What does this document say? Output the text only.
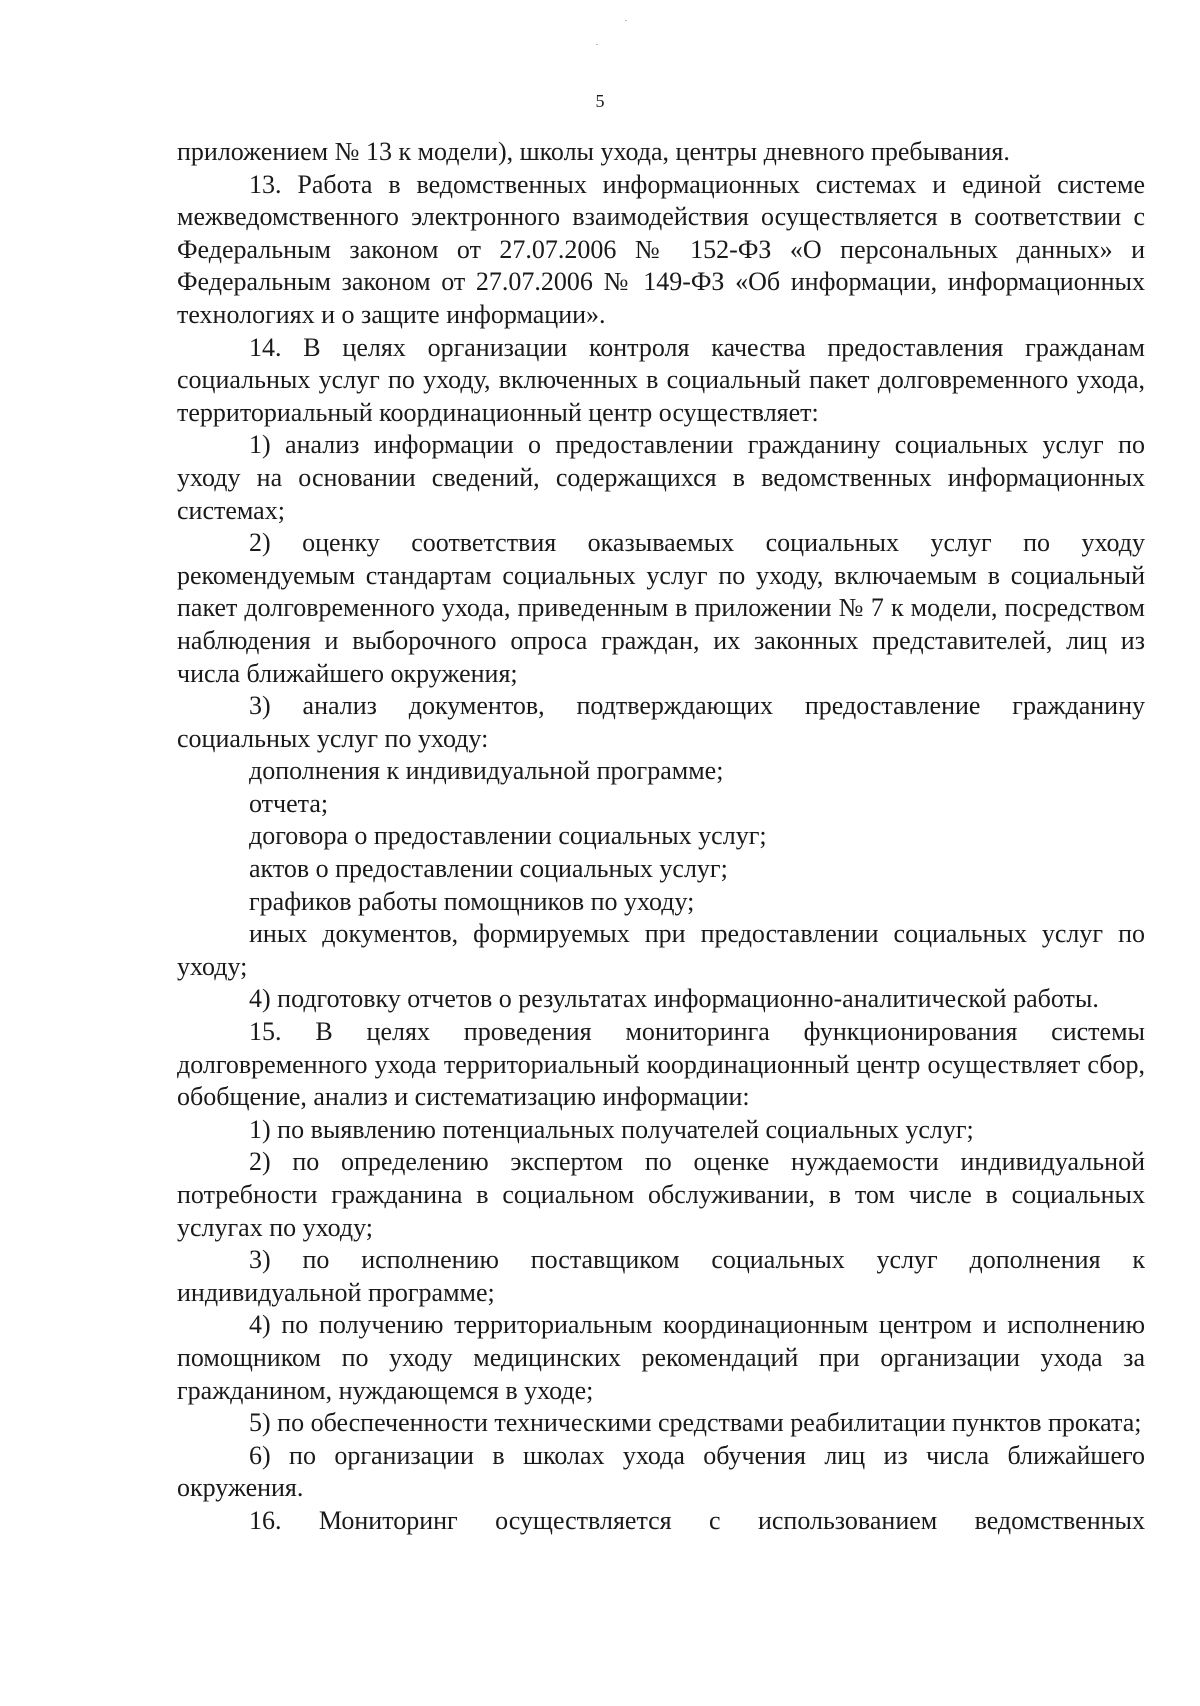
5

приложением № 13 к модели), школы ухода, центры дневного пребывания.

13. Работа в ведомственных информационных системах и единой системе межведомственного электронного взаимодействия осуществляется в соответствии с Федеральным законом от 27.07.2006 № 152-ФЗ «О персональных данных» и Федеральным законом от 27.07.2006 № 149-ФЗ «Об информации, информационных технологиях и о защите информации».

14. В целях организации контроля качества предоставления гражданам социальных услуг по уходу, включенных в социальный пакет долговременного ухода, территориальный координационный центр осуществляет:

1) анализ информации о предоставлении гражданину социальных услуг по уходу на основании сведений, содержащихся в ведомственных информационных системах;

2) оценку соответствия оказываемых социальных услуг по уходу рекомендуемым стандартам социальных услуг по уходу, включаемым в социальный пакет долговременного ухода, приведенным в приложении № 7 к модели, посредством наблюдения и выборочного опроса граждан, их законных представителей, лиц из числа ближайшего окружения;

3) анализ документов, подтверждающих предоставление гражданину социальных услуг по уходу:

дополнения к индивидуальной программе;

отчета;

договора о предоставлении социальных услуг;

актов о предоставлении социальных услуг;

графиков работы помощников по уходу;

иных документов, формируемых при предоставлении социальных услуг по уходу;

4) подготовку отчетов о результатах информационно-аналитической работы.

15. В целях проведения мониторинга функционирования системы долговременного ухода территориальный координационный центр осуществляет сбор, обобщение, анализ и систематизацию информации:

1) по выявлению потенциальных получателей социальных услуг;

2) по определению экспертом по оценке нуждаемости индивидуальной потребности гражданина в социальном обслуживании, в том числе в социальных услугах по уходу;

3) по исполнению поставщиком социальных услуг дополнения к индивидуальной программе;

4) по получению территориальным координационным центром и исполнению помощником по уходу медицинских рекомендаций при организации ухода за гражданином, нуждающемся в уходе;

5) по обеспеченности техническими средствами реабилитации пунктов проката;

6) по организации в школах ухода обучения лиц из числа ближайшего окружения.

16. Мониторинг осуществляется с использованием ведомственных
